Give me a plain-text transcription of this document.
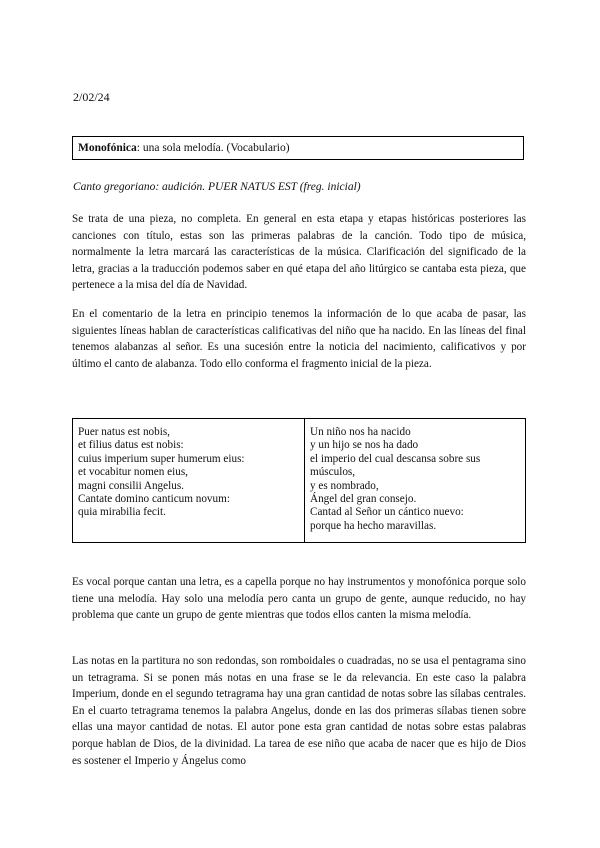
2/02/24
Monofónica: una sola melodía. (Vocabulario)
Canto gregoriano: audición. PUER NATUS EST (freg. inicial)
Se trata de una pieza, no completa. En general en esta etapa y etapas históricas posteriores las canciones con título, estas son las primeras palabras de la canción. Todo tipo de música, normalmente la letra marcará las características de la música. Clarificación del significado de la letra, gracias a la traducción podemos saber en qué etapa del año litúrgico se cantaba esta pieza, que pertenece a la misa del día de Navidad.
En el comentario de la letra en principio tenemos la información de lo que acaba de pasar, las siguientes líneas hablan de características calificativas del niño que ha nacido. En las líneas del final tenemos alabanzas al señor. Es una sucesión entre la noticia del nacimiento, calificativos y por último el canto de alabanza. Todo ello conforma el fragmento inicial de la pieza.
Puer natus est nobis,
et filius datus est nobis:
cuius imperium super humerum eius:
et vocabitur nomen eius,
magni consilii Angelus.
Cantate domino canticum novum:
quia mirabilia fecit.

Un niño nos ha nacido
y un hijo se nos ha dado
el imperio del cual descansa sobre sus
músculos,
y es nombrado,
Ángel del gran consejo.
Cantad al Señor un cántico nuevo:
porque ha hecho maravillas.
Es vocal porque cantan una letra, es a capella porque no hay instrumentos y monofónica porque solo tiene una melodía. Hay solo una melodía pero canta un grupo de gente, aunque reducido, no hay problema que cante un grupo de gente mientras que todos ellos canten la misma melodía.
Las notas en la partitura no son redondas, son romboidales o cuadradas, no se usa el pentagrama sino un tetragrama. Si se ponen más notas en una frase se le da relevancia. En este caso la palabra Imperium, donde en el segundo tetragrama hay una gran cantidad de notas sobre las sílabas centrales. En el cuarto tetragrama tenemos la palabra Angelus, donde en las dos primeras sílabas tienen sobre ellas una mayor cantidad de notas. El autor pone esta gran cantidad de notas sobre estas palabras porque hablan de Dios, de la divinidad. La tarea de ese niño que acaba de nacer que es hijo de Dios es sostener el Imperio y Ángelus como
